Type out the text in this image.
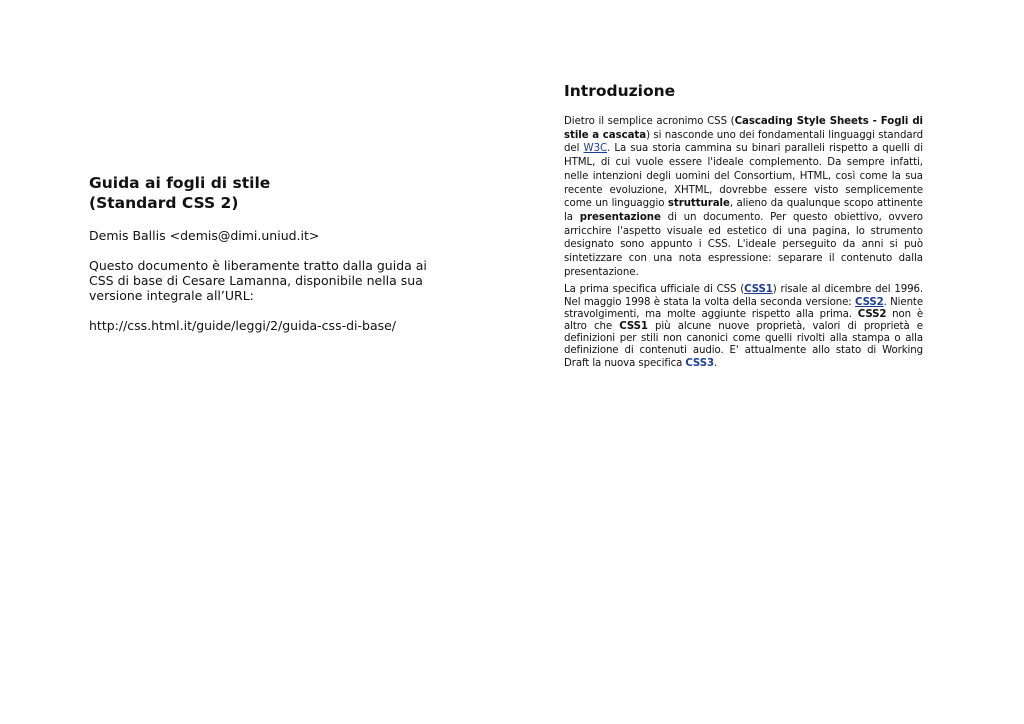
Guida ai fogli di stile
(Standard CSS 2)
Demis Ballis <demis@dimi.uniud.it>
Questo documento è liberamente tratto dalla guida ai CSS di base di Cesare Lamanna, disponibile nella sua versione integrale all’URL:
http://css.html.it/guide/leggi/2/guida-css-di-base/
Introduzione
Dietro il semplice acronimo CSS (Cascading Style Sheets - Fogli di stile a cascata) si nasconde uno dei fondamentali linguaggi standard del W3C. La sua storia cammina su binari paralleli rispetto a quelli di HTML, di cui vuole essere l'ideale complemento. Da sempre infatti, nelle intenzioni degli uomini del Consortium, HTML, così come la sua recente evoluzione, XHTML, dovrebbe essere visto semplicemente come un linguaggio strutturale, alieno da qualunque scopo attinente la presentazione di un documento. Per questo obiettivo, ovvero arricchire l'aspetto visuale ed estetico di una pagina, lo strumento designato sono appunto i CSS. L'ideale perseguito da anni si può sintetizzare con una nota espressione: separare il contenuto dalla presentazione.
La prima specifica ufficiale di CSS (CSS1) risale al dicembre del 1996. Nel maggio 1998 è stata la volta della seconda versione: CSS2. Niente stravolgimenti, ma molte aggiunte rispetto alla prima. CSS2 non è altro che CSS1 più alcune nuove proprietà, valori di proprietà e definizioni per stili non canonici come quelli rivolti alla stampa o alla definizione di contenuti audio. E' attualmente allo stato di Working Draft la nuova specifica CSS3.
